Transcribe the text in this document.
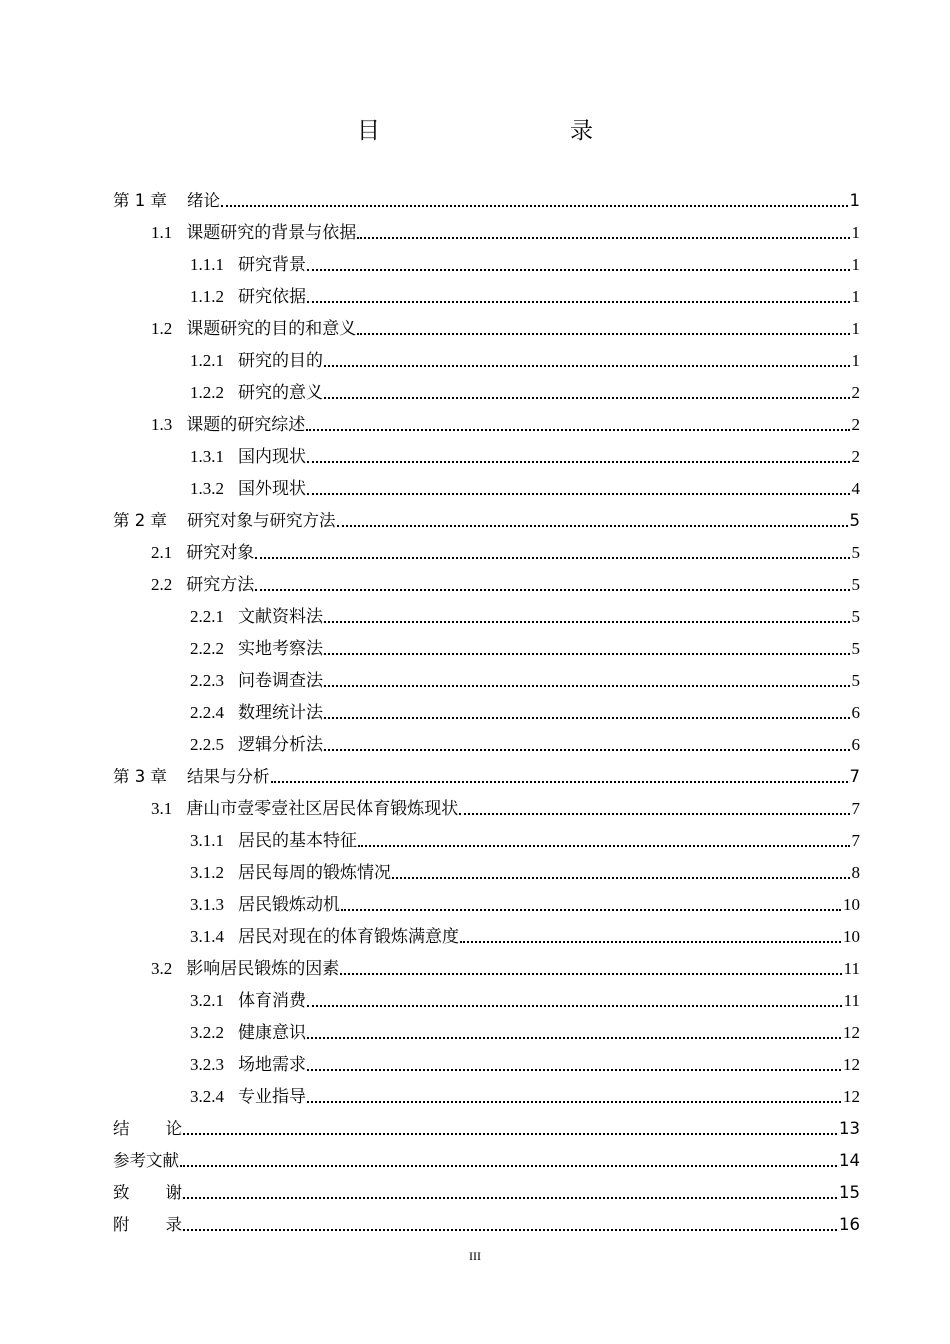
目　　录
第 1 章 绪论	1
1.1 课题研究的背景与依据	1
1.1.1 研究背景	1
1.1.2 研究依据	1
1.2 课题研究的目的和意义	1
1.2.1 研究的目的	1
1.2.2 研究的意义	2
1.3 课题的研究综述	2
1.3.1 国内现状	2
1.3.2 国外现状	4
第 2 章 研究对象与研究方法	5
2.1 研究对象	5
2.2 研究方法	5
2.2.1 文献资料法	5
2.2.2 实地考察法	5
2.2.3 问卷调查法	5
2.2.4 数理统计法	6
2.2.5 逻辑分析法	6
第 3 章 结果与分析	7
3.1 唐山市壹零壹社区居民体育锻炼现状	7
3.1.1 居民的基本特征	7
3.1.2 居民每周的锻炼情况	8
3.1.3 居民锻炼动机	10
3.1.4 居民对现在的体育锻炼满意度	10
3.2 影响居民锻炼的因素	11
3.2.1 体育消费	11
3.2.2 健康意识	12
3.2.3 场地需求	12
3.2.4 专业指导	12
结论	13
参考文献	14
致谢	15
附录	16
III
